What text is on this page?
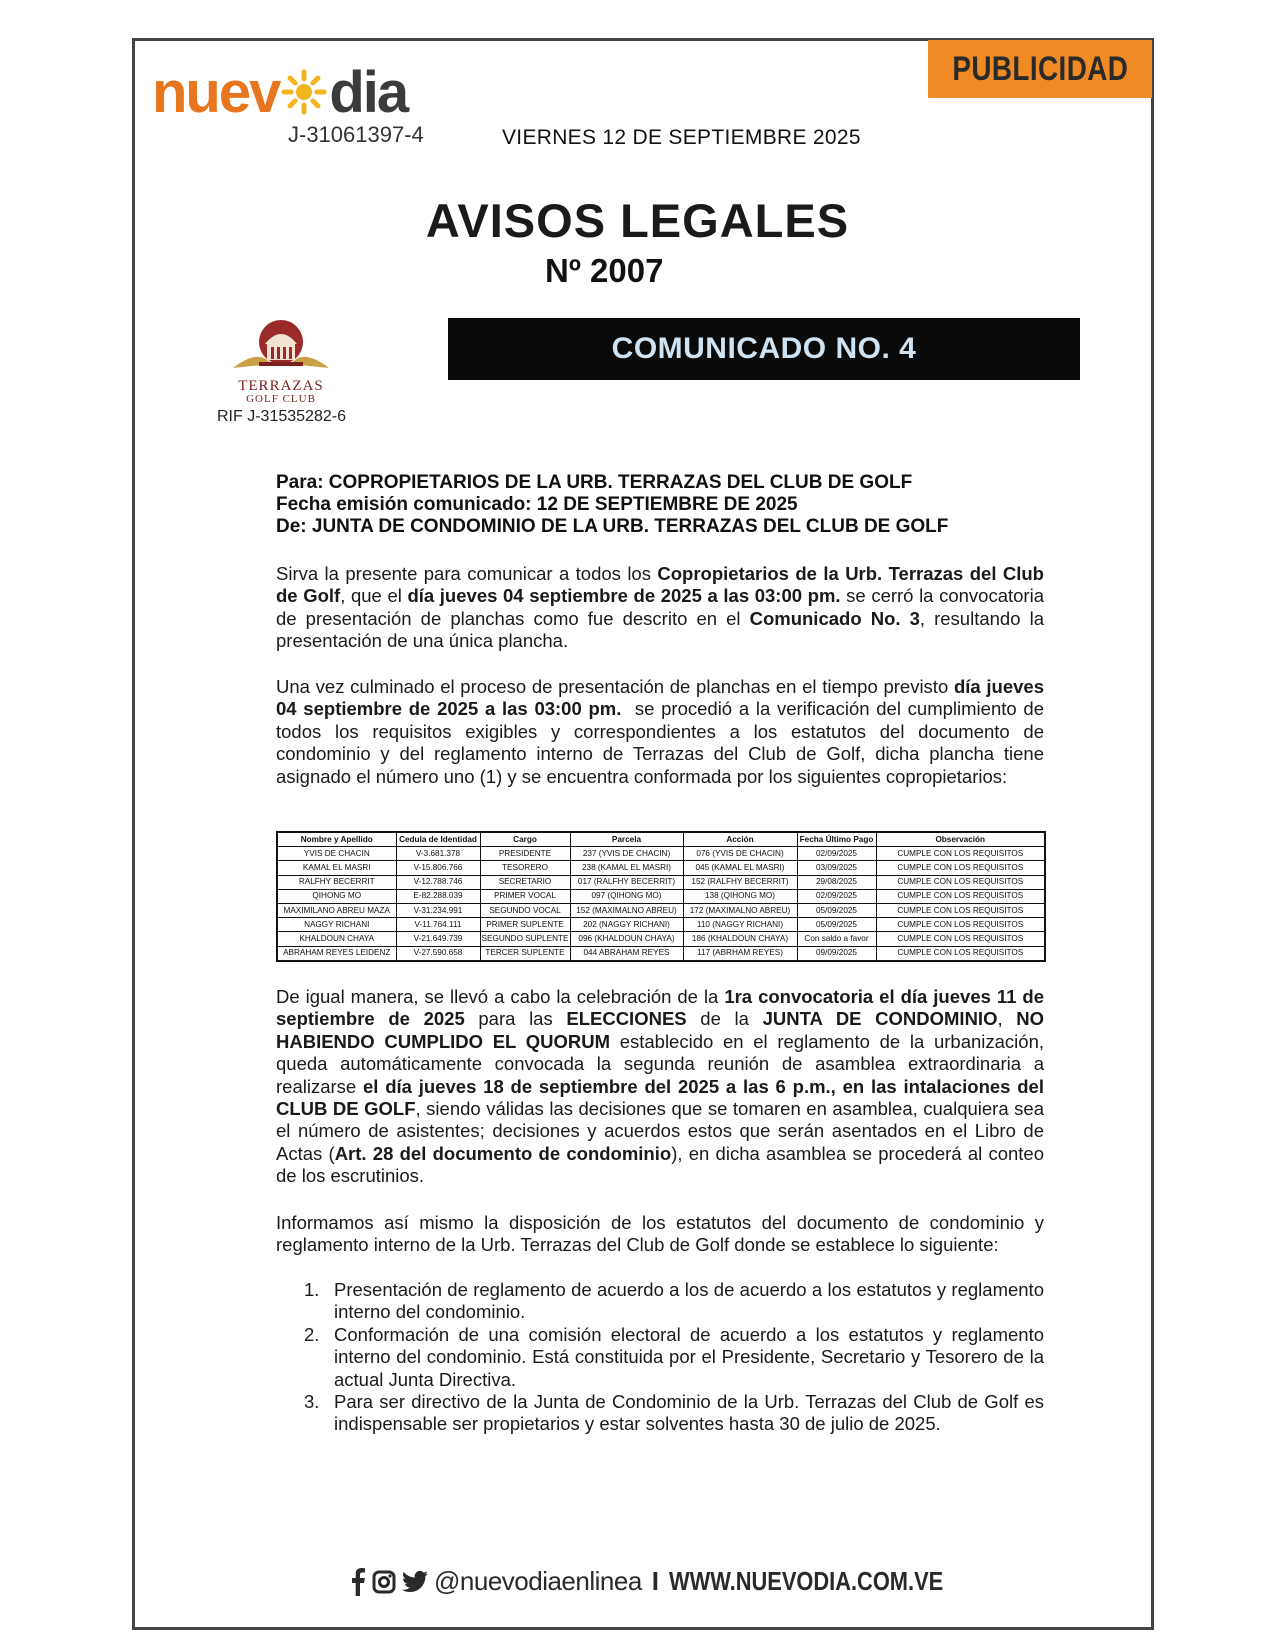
nuev dia
J-31061397-4	VIERNES 12 DE SEPTIEMBRE 2025
PUBLICIDAD
AVISOS LEGALES
Nº 2007
TERRAZAS
GOLF CLUB
RIF J-31535282-6
COMUNICADO NO. 4
Para: COPROPIETARIOS DE LA URB. TERRAZAS DEL CLUB DE GOLF
Fecha emisión comunicado: 12 DE SEPTIEMBRE DE 2025
De: JUNTA DE CONDOMINIO DE LA URB. TERRAZAS DEL CLUB DE GOLF
Sirva la presente para comunicar a todos los Copropietarios de la Urb. Terrazas del Club de Golf, que el día jueves 04 septiembre de 2025 a las 03:00 pm. se cerró la convocatoria de presentación de planchas como fue descrito en el Comunicado No. 3, resultando la presentación de una única plancha.
Una vez culminado el proceso de presentación de planchas en el tiempo previsto día jueves 04 septiembre de 2025 a las 03:00 pm.  se procedió a la verificación del cumplimiento de todos los requisitos exigibles y correspondientes a los estatutos del documento de condominio y del reglamento interno de Terrazas del Club de Golf, dicha plancha tiene asignado el número uno (1) y se encuentra conformada por los siguientes copropietarios:
Nombre y Apellido	Cedula de Identidad	Cargo	Parcela	Acción	Fecha Último Pago	Observación
YVIS DE CHACIN	V-3.681.378	PRESIDENTE	237 (YVIS DE CHACIN)	076 (YVIS DE CHACIN)	02/09/2025	CUMPLE CON LOS REQUISITOS
KAMAL EL MASRI	V-15.806.766	TESORERO	238 (KAMAL EL MASRI)	045 (KAMAL EL MASRI)	03/09/2025	CUMPLE CON LOS REQUISITOS
RALFHY BECERRIT	V-12.788.746	SECRETARIO	017 (RALFHY BECERRIT)	152 (RALFHY BECERRIT)	29/08/2025	CUMPLE CON LOS REQUISITOS
QIHONG MO	E-82.288.039	PRIMER VOCAL	097 (QIHONG MO)	138 (QIHONG MO)	02/09/2025	CUMPLE CON LOS REQUISITOS
MAXIMILANO ABREU MAZA	V-31.234.991	SEGUNDO VOCAL	152 (MAXIMALNO ABREU)	172 (MAXIMALNO ABREU)	05/09/2025	CUMPLE CON LOS REQUISITOS
NAGGY RICHANI	V-11.764.111	PRIMER SUPLENTE	202 (NAGGY RICHANI)	110 (NAGGY RICHANI)	05/09/2025	CUMPLE CON LOS REQUISITOS
KHALDOUN CHAYA	V-21.649.739	SEGUNDO SUPLENTE	096 (KHALDOUN CHAYA)	186 (KHALDOUN CHAYA)	Con saldo a favor	CUMPLE CON LOS REQUISITOS
ABRAHAM REYES LEIDENZ	V-27.590.658	TERCER SUPLENTE	044 ABRAHAM REYES	117 (ABRHAM REYES)	09/09/2025	CUMPLE CON LOS REQUISITOS
De igual manera, se llevó a cabo la celebración de la 1ra convocatoria el día jueves 11 de septiembre de 2025 para las ELECCIONES de la JUNTA DE CONDOMINIO, NO HABIENDO CUMPLIDO EL QUORUM establecido en el reglamento de la urbanización, queda automáticamente convocada la segunda reunión de asamblea extraordinaria a realizarse el día jueves 18 de septiembre del 2025 a las 6 p.m., en las intalaciones del CLUB DE GOLF, siendo válidas las decisiones que se tomaren en asamblea, cualquiera sea el número de asistentes; decisiones y acuerdos estos que serán asentados en el Libro de Actas (Art. 28 del documento de condominio), en dicha asamblea se procederá al conteo de los escrutinios.
Informamos así mismo la disposición de los estatutos del documento de condominio y reglamento interno de la Urb. Terrazas del Club de Golf donde se establece lo siguiente:
1. Presentación de reglamento de acuerdo a los de acuerdo a los estatutos y reglamento interno del condominio.
2. Conformación de una comisión electoral de acuerdo a los estatutos y reglamento interno del condominio. Está constituida por el Presidente, Secretario y Tesorero de la actual Junta Directiva.
3. Para ser directivo de la Junta de Condominio de la Urb. Terrazas del Club de Golf es indispensable ser propietarios y estar solventes hasta 30 de julio de 2025.
@nuevodiaenlinea I WWW.NUEVODIA.COM.VE
